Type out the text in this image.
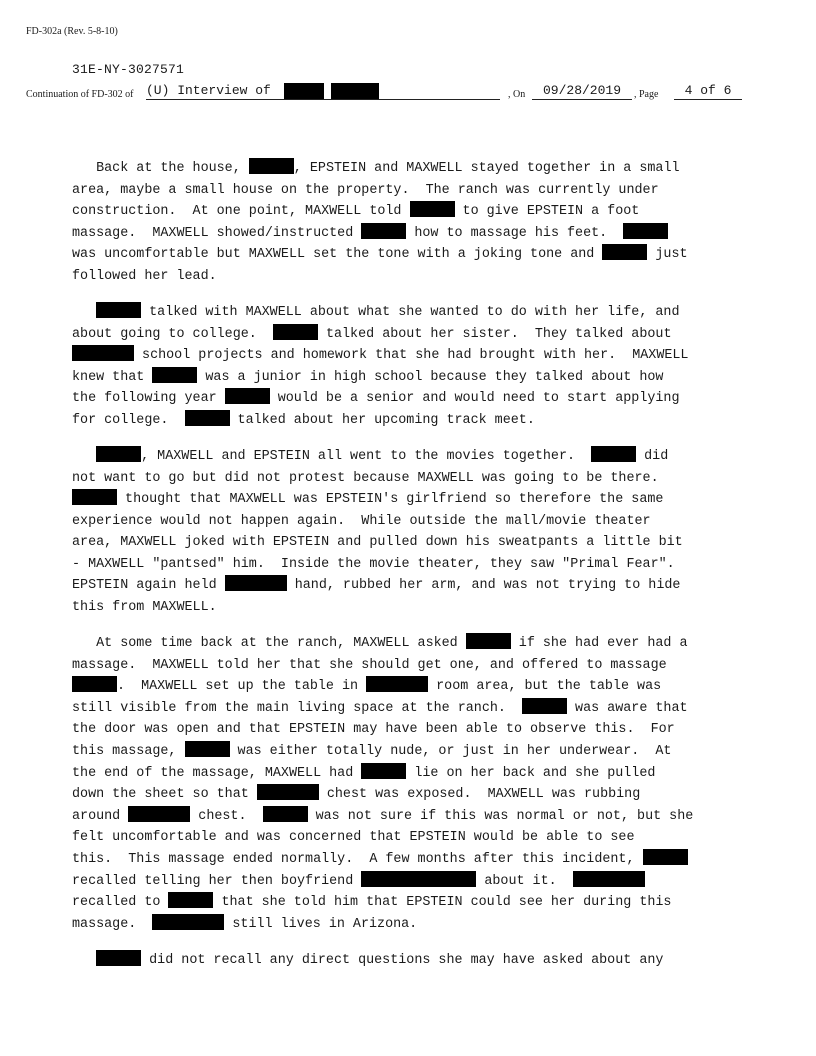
FD-302a (Rev. 5-8-10)
31E-NY-3027571
Continuation of FD-302 of (U) Interview of	, On	09/28/2019	, Page	4 of 6
Back at the house,	, EPSTEIN and MAXWELL stayed together in a small
area, maybe a small house on the property.  The ranch was currently under
construction.  At one point, MAXWELL told	to give EPSTEIN a foot
massage.  MAXWELL showed/instructed	how to massage his feet.
was uncomfortable but MAXWELL set the tone with a joking tone and	just
followed her lead.
talked with MAXWELL about what she wanted to do with her life, and
about going to college.	talked about her sister.  They talked about
school projects and homework that she had brought with her.  MAXWELL
knew that	was a junior in high school because they talked about how
the following year	would be a senior and would need to start applying
for college.	talked about her upcoming track meet.
, MAXWELL and EPSTEIN all went to the movies together.	did
not want to go but did not protest because MAXWELL was going to be there.
thought that MAXWELL was EPSTEIN's girlfriend so therefore the same
experience would not happen again.  While outside the mall/movie theater
area, MAXWELL joked with EPSTEIN and pulled down his sweatpants a little bit
- MAXWELL "pantsed" him.  Inside the movie theater, they saw "Primal Fear".
EPSTEIN again held	hand, rubbed her arm, and was not trying to hide
this from MAXWELL.
At some time back at the ranch, MAXWELL asked	if she had ever had a
massage.  MAXWELL told her that she should get one, and offered to massage
.  MAXWELL set up the table in	room area, but the table was
still visible from the main living space at the ranch.	was aware that
the door was open and that EPSTEIN may have been able to observe this.  For
this massage,	was either totally nude, or just in her underwear.  At
the end of the massage, MAXWELL had	lie on her back and she pulled
down the sheet so that	chest was exposed.  MAXWELL was rubbing
around	chest.	was not sure if this was normal or not, but she
felt uncomfortable and was concerned that EPSTEIN would be able to see
this.  This massage ended normally.  A few months after this incident,
recalled telling her then boyfriend	about it.
recalled to	that she told him that EPSTEIN could see her during this
massage.	still lives in Arizona.
did not recall any direct questions she may have asked about any
